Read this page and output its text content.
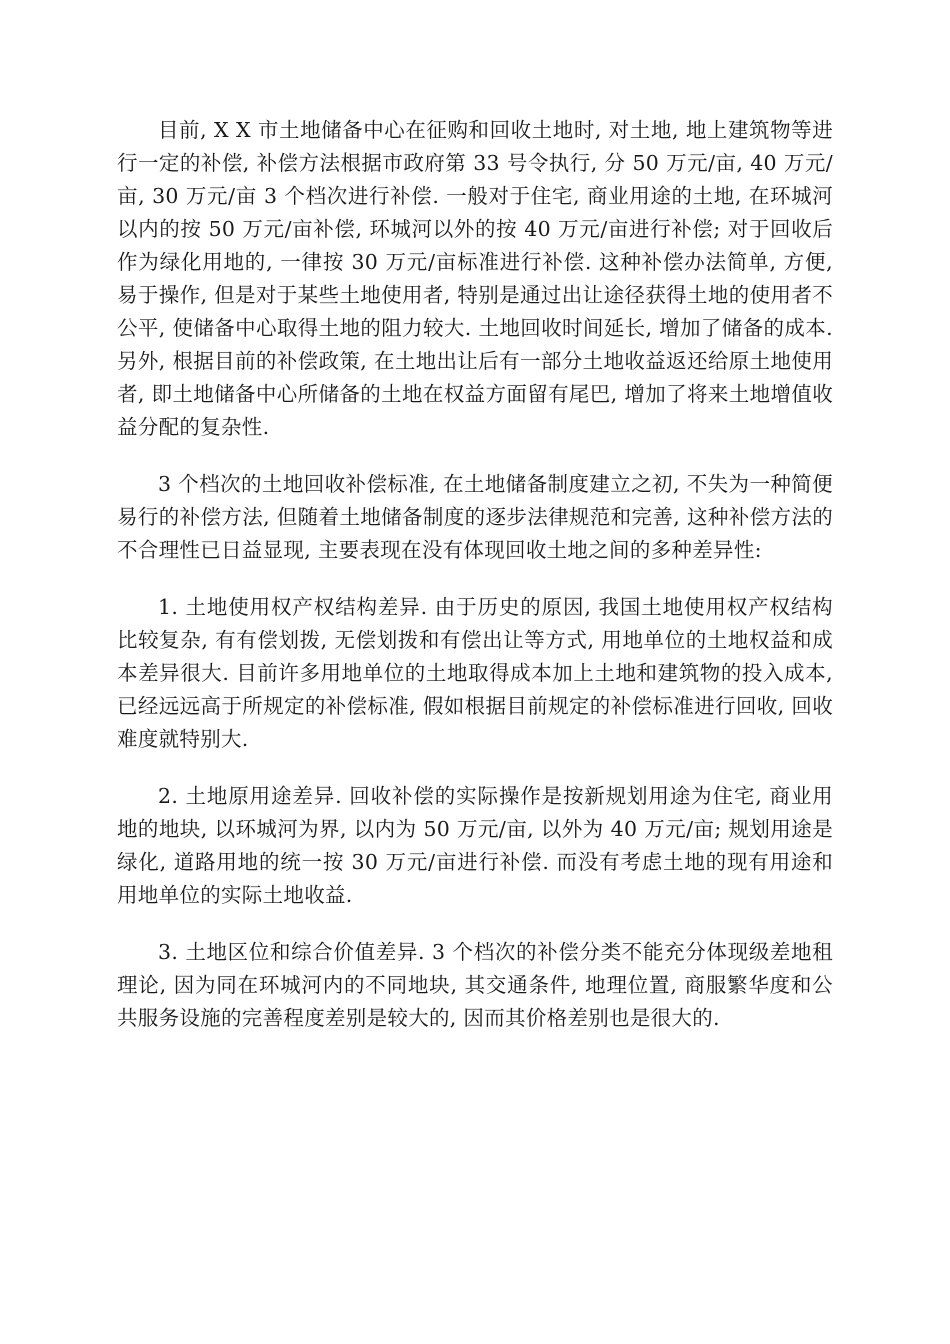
目前, X X 市土地储备中心在征购和回收土地时, 对土地, 地上建筑物等进行一定的补偿, 补偿方法根据市政府第 33 号令执行, 分 50 万元/亩, 40 万元/亩, 30 万元/亩 3 个档次进行补偿. 一般对于住宅, 商业用途的土地, 在环城河以内的按 50 万元/亩补偿, 环城河以外的按 40 万元/亩进行补偿; 对于回收后作为绿化用地的, 一律按 30 万元/亩标准进行补偿. 这种补偿办法简单, 方便, 易于操作, 但是对于某些土地使用者, 特别是通过出让途径获得土地的使用者不公平, 使储备中心取得土地的阻力较大. 土地回收时间延长, 增加了储备的成本. 另外, 根据目前的补偿政策, 在土地出让后有一部分土地收益返还给原土地使用者, 即土地储备中心所储备的土地在权益方面留有尾巴, 增加了将来土地增值收益分配的复杂性.

3 个档次的土地回收补偿标准, 在土地储备制度建立之初, 不失为一种简便易行的补偿方法, 但随着土地储备制度的逐步法律规范和完善, 这种补偿方法的不合理性已日益显现, 主要表现在没有体现回收土地之间的多种差异性:

1. 土地使用权产权结构差异. 由于历史的原因, 我国土地使用权产权结构比较复杂, 有有偿划拨, 无偿划拨和有偿出让等方式, 用地单位的土地权益和成本差异很大. 目前许多用地单位的土地取得成本加上土地和建筑物的投入成本, 已经远远高于所规定的补偿标准, 假如根据目前规定的补偿标准进行回收, 回收难度就特别大.

2. 土地原用途差异. 回收补偿的实际操作是按新规划用途为住宅, 商业用地的地块, 以环城河为界, 以内为 50 万元/亩, 以外为 40 万元/亩; 规划用途是绿化, 道路用地的统一按 30 万元/亩进行补偿. 而没有考虑土地的现有用途和用地单位的实际土地收益.

3. 土地区位和综合价值差异. 3 个档次的补偿分类不能充分体现级差地租理论, 因为同在环城河内的不同地块, 其交通条件, 地理位置, 商服繁华度和公共服务设施的完善程度差别是较大的, 因而其价格差别也是很大的.
